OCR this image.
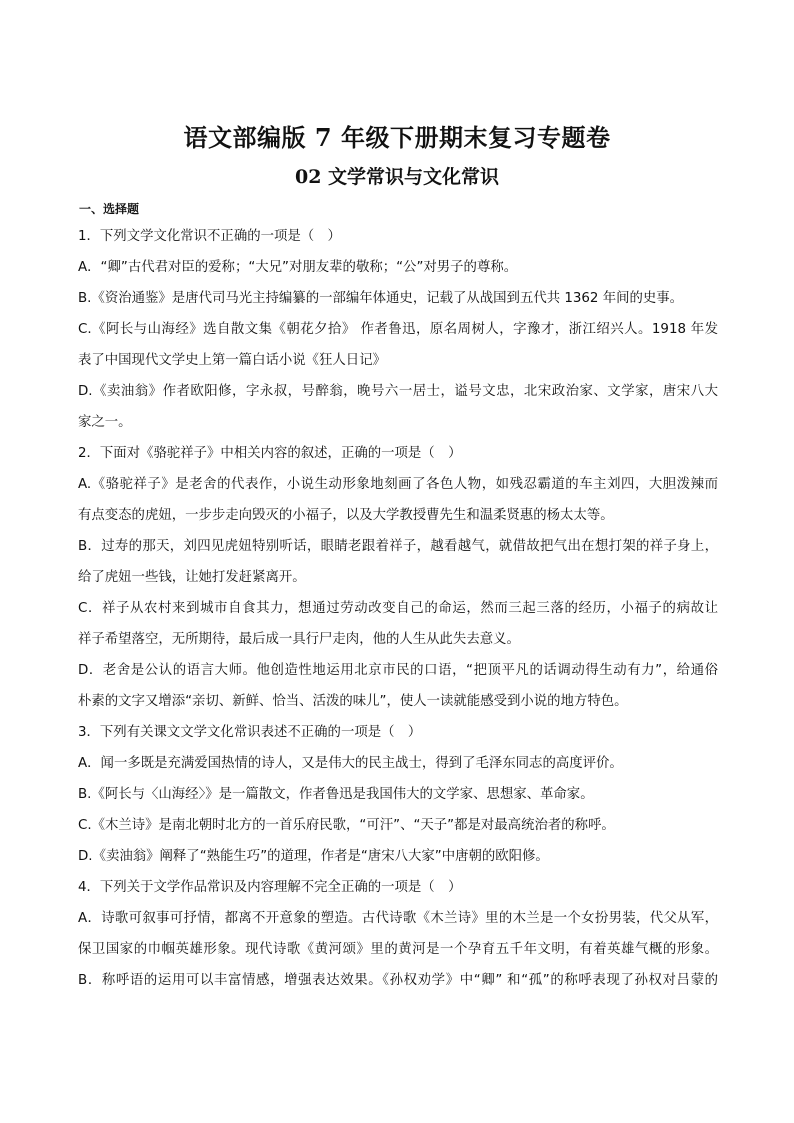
语文部编版 7 年级下册期末复习专题卷
02 文学常识与文化常识
一、选择题
1．下列文学文化常识不正确的一项是（　）
A．“卿”古代君对臣的爱称；“大兄”对朋友辈的敬称；“公”对男子的尊称。
B.《资治通鉴》是唐代司马光主持编纂的一部编年体通史，记载了从战国到五代共 1362 年间的史事。
C.《阿长与山海经》选自散文集《朝花夕拾》 作者鲁迅，原名周树人，字豫才，浙江绍兴人。1918 年发
表了中国现代文学史上第一篇白话小说《狂人日记》
D.《卖油翁》作者欧阳修，字永叔，号醉翁，晚号六一居士，谥号文忠，北宋政治家、文学家，唐宋八大
家之一。
2．下面对《骆驼祥子》中相关内容的叙述，正确的一项是（　）
A.《骆驼祥子》是老舍的代表作，小说生动形象地刻画了各色人物，如残忍霸道的车主刘四，大胆泼辣而
有点变态的虎妞，一步步走向毁灭的小福子，以及大学教授曹先生和温柔贤惠的杨太太等。
B．过寿的那天，刘四见虎妞特别听话，眼睛老跟着祥子，越看越气，就借故把气出在想打架的祥子身上，
给了虎妞一些钱，让她打发赶紧离开。
C．祥子从农村来到城市自食其力，想通过劳动改变自己的命运，然而三起三落的经历，小福子的病故让
祥子希望落空，无所期待，最后成一具行尸走肉，他的人生从此失去意义。
D．老舍是公认的语言大师。他创造性地运用北京市民的口语，“把顶平凡的话调动得生动有力”，给通俗
朴素的文字又增添“亲切、新鲜、恰当、活泼的味儿”，使人一读就能感受到小说的地方特色。
3．下列有关课文文学文化常识表述不正确的一项是（　）
A．闻一多既是充满爱国热情的诗人，又是伟大的民主战士，得到了毛泽东同志的高度评价。
B.《阿长与〈山海经〉》是一篇散文，作者鲁迅是我国伟大的文学家、思想家、革命家。
C.《木兰诗》是南北朝时北方的一首乐府民歌，“可汗”、“天子”都是对最高统治者的称呼。
D.《卖油翁》阐释了“熟能生巧”的道理，作者是“唐宋八大家”中唐朝的欧阳修。
4．下列关于文学作品常识及内容理解不完全正确的一项是（　）
A．诗歌可叙事可抒情，都离不开意象的塑造。古代诗歌《木兰诗》里的木兰是一个女扮男装，代父从军，
保卫国家的巾帼英雄形象。现代诗歌《黄河颂》里的黄河是一个孕育五千年文明，有着英雄气概的形象。
B．称呼语的运用可以丰富情感，增强表达效果。《孙权劝学》中“卿” 和“孤”的称呼表现了孙权对吕蒙的
